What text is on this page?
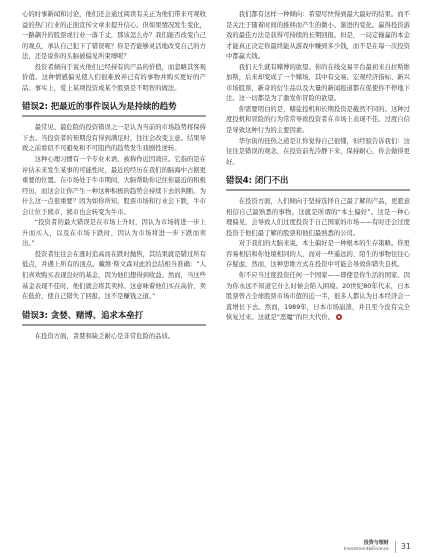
心的时事新闻和讨论，他们还会通过阅读有关正为他们带来可观收益的热门行业的正面宣传文章来提升信心。但如果情况发生变化，一路飙升的股票或行业一落千丈，那该怎么办？我们能否改变自己的观点，承认自己犯下了错误呢？你是否能够灵活地改变自己的方法，还是说你的头脑被偏见所束缚呢？

投资者倾向于说火他们已经持有的产品的价值，而忽略其客观价值。这种情感偏见使人们很难放弃已有的事物并购买更好的产品。事实上，爱上某项投资或某个股票是不明智的做法。

错误2: 把最近的事件误认为是持续的趋势

最常见、最危险的投资错误之一是认为当前的市场趋势将保持下去。当投资者的预期没有得到满足时，往往会改变主意。结果导致之前看似不可避免和不可阻挡的趋势发生戏剧性逆转。

这种心理习惯有一个专业术语，被称作近因效应。它指的是在评估未来发生某事的可能性时，最近的经历在我们的脑海中占据更重要的位置。在市场处于牛市期间，大脑帮助你记住你最近的积极经历，而这会让你产生一种这种积极的趋势会持续下去的判断。为什么这一点很重要？因为如你所知，股票市场和行业会下跌，牛市会让位于熊市，熊市也会转变为牛市。

“投资者的最大错误是在市场上升时，因认为市场将进一步上升而买入，以及在市场下跌时，因认为市场将进一步下跌而卖出。”

投资者往往会在涨时追高而在跌时抛售，其结果就是错过所有低点，并遇上所有的顶点。戴维·斯文森对此的总结相当准确：“人们喜欢购买表现良好的基金，因为他们想得到收益。然而，当这些基金表现不佳时，他们就会将其卖掉。这意味着他们买在高价、卖在低价，使自己错失了回报。这不是赚钱之道。”

错误3: 贪婪、赌博、追求本垒打

在投资方面，贪婪和缺乏耐心是非常危险的品质。

我们都有这样一种倾向：希望尽快得到最大最好的结果。而不是关注于随着时间的推移而产生的微小、渐进的变化。赢得投资游戏的最佳方法是获得可持续的长期回报。但是，一局定输赢的本金才能真正决定你最终能从游戏中赚到多少钱，而不是在每一次投资中都赢大钱。

我们天生就有赌博的欲望。你的在线交易平台最初来自拉斯维加斯，后来却变成了一个赌场，其中有交易、宏观经济指标、新兴市场股票、新奇的衍生品以及大量的新闻报道都在促使你不停地下注。这一切都是为了激发你冒险的欲望。

你需要明白的是，赌徒投机和长期投资是截然不同的。这种过度投机和冒险的行为常常导致投资者在市场上表现不佳。过度自信是导致这种行为的主要因素。

华尔街的狂热之道是让你觉得自己很懂，但经验告诉我们：这往往是错误的观念，在投资前先冷静下来，保持耐心，你会做得更好。

错误4: 闭门不出

在投资方面，人们倾向于坚持选择自己最了解的产品，更愿意相信自己最熟悉的事物。这就是所谓的“本土偏好”。这是一种心理偏见，会导致人们过度投资于自己国家的市场——有时还会过度投资于他们最了解的股票和他们最熟悉的公司。

对于我们的大脑来说，本土偏好是一种根本的生存策略。你更容易相信和你处境相同的人，而对一些遥远的、陌生的事物往往心存疑虑，然而，这种思维方式在投资中可能会导致你错失良机。

你不应当过度投资任何一个国家——即使是你生活的国家。因为你永远不知道它什么时候会陷入困境。20世纪80年代末，日本股票曾占全球股票市场市值的近一半，很多人都认为日本经济会一直增长下去。然而，1989年，日本市场崩溃，并且至今没有完全恢复过来。这就是“恶魔”的巨大代价。 ◆

投资与理财
Investment&Finance	31
